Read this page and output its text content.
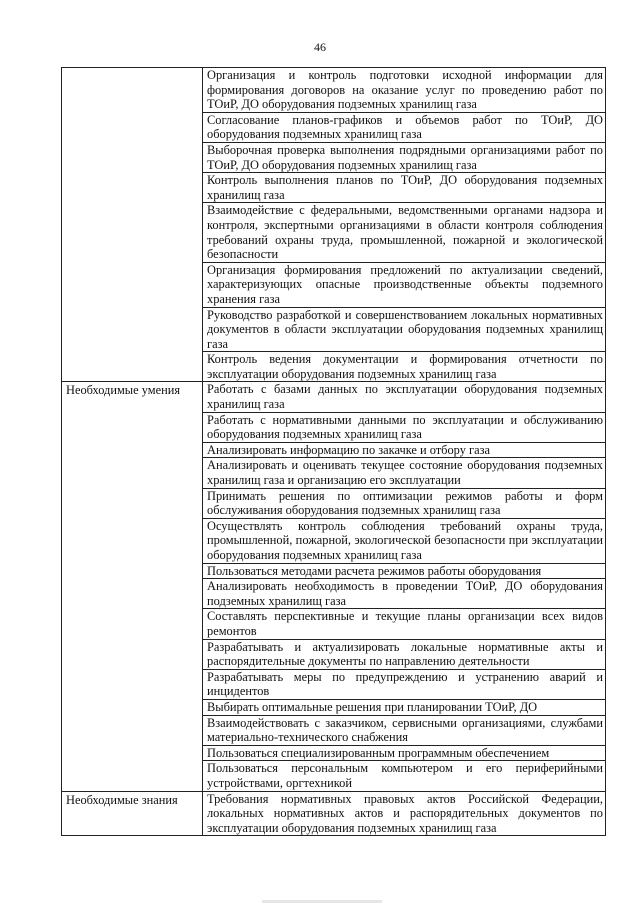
46
	Организация и контроль подготовки исходной информации для формирования договоров на оказание услуг по проведению работ по ТОиР, ДО оборудования подземных хранилищ газа
	Согласование планов-графиков и объемов работ по ТОиР, ДО оборудования подземных хранилищ газа
	Выборочная проверка выполнения подрядными организациями работ по ТОиР, ДО оборудования подземных хранилищ газа
	Контроль выполнения планов по ТОиР, ДО оборудования подземных хранилищ газа
	Взаимодействие с федеральными, ведомственными органами надзора и контроля, экспертными организациями в области контроля соблюдения требований охраны труда, промышленной, пожарной и экологической безопасности
	Организация формирования предложений по актуализации сведений, характеризующих опасные производственные объекты подземного хранения газа
	Руководство разработкой и совершенствованием локальных нормативных документов в области эксплуатации оборудования подземных хранилищ газа
	Контроль ведения документации и формирования отчетности по эксплуатации оборудования подземных хранилищ газа

Необходимые умения	Работать с базами данных по эксплуатации оборудования подземных хранилищ газа
	Работать с нормативными данными по эксплуатации и обслуживанию оборудования подземных хранилищ газа
	Анализировать информацию по закачке и отбору газа
	Анализировать и оценивать текущее состояние оборудования подземных хранилищ газа и организацию его эксплуатации
	Принимать решения по оптимизации режимов работы и форм обслуживания оборудования подземных хранилищ газа
	Осуществлять контроль соблюдения требований охраны труда, промышленной, пожарной, экологической безопасности при эксплуатации оборудования подземных хранилищ газа
	Пользоваться методами расчета режимов работы оборудования
	Анализировать необходимость в проведении ТОиР, ДО оборудования подземных хранилищ газа
	Составлять перспективные и текущие планы организации всех видов ремонтов
	Разрабатывать и актуализировать локальные нормативные акты и распорядительные документы по направлению деятельности
	Разрабатывать меры по предупреждению и устранению аварий и инцидентов
	Выбирать оптимальные решения при планировании ТОиР, ДО
	Взаимодействовать с заказчиком, сервисными организациями, службами материально-технического снабжения
	Пользоваться специализированным программным обеспечением
	Пользоваться персональным компьютером и его периферийными устройствами, оргтехникой

Необходимые знания	Требования нормативных правовых актов Российской Федерации, локальных нормативных актов и распорядительных документов по эксплуатации оборудования подземных хранилищ газа
